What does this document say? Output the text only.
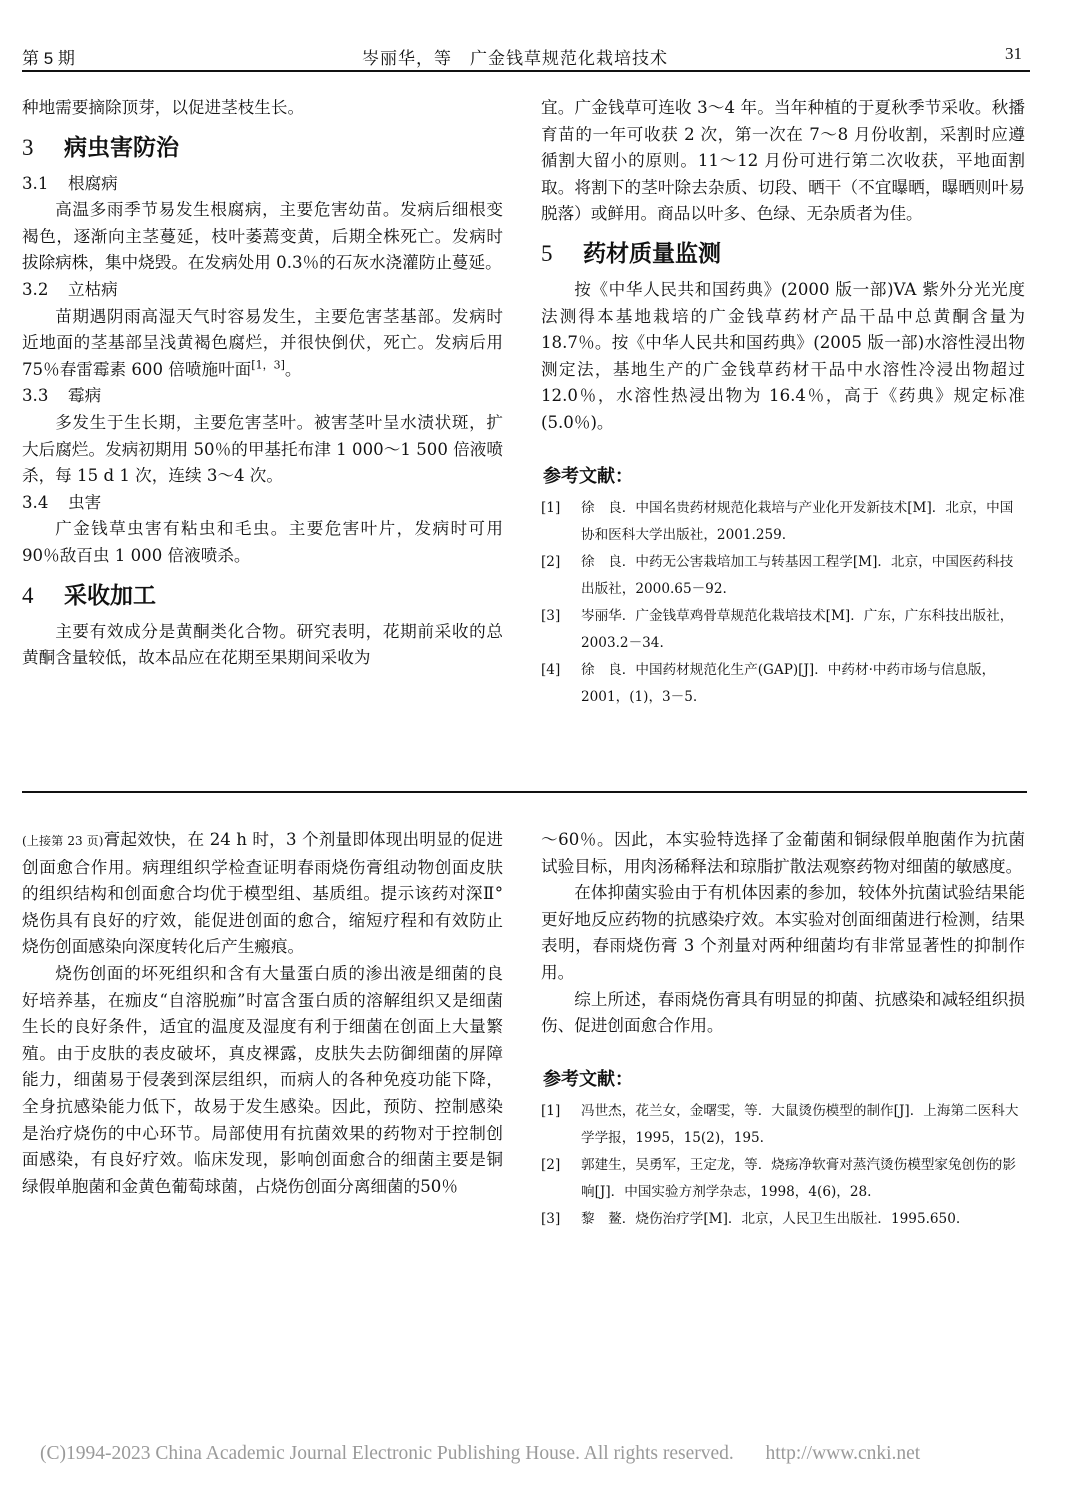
第 5 期	岑丽华，等　广金钱草规范化栽培技术	31

种地需要摘除顶芽，以促进茎枝生长。

3 病虫害防治
3.1 根腐病

高温多雨季节易发生根腐病，主要危害幼苗。发病后细根变褐色，逐渐向主茎蔓延，枝叶萎蔫变黄，后期全株死亡。发病时拔除病株，集中烧毁。在发病处用 0.3％的石灰水浇灌防止蔓延。

3.2 立枯病

苗期遇阴雨高湿天气时容易发生，主要危害茎基部。发病时近地面的茎基部呈浅黄褐色腐烂，并很快倒伏，死亡。发病后用 75％春雷霉素 600 倍喷施叶面[1，3]。

3.3 霉病

多发生于生长期，主要危害茎叶。被害茎叶呈水渍状斑，扩大后腐烂。发病初期用 50％的甲基托布津 1 000～1 500 倍液喷杀，每 15 d 1 次，连续 3～4 次。

3.4 虫害

广金钱草虫害有粘虫和毛虫。主要危害叶片，发病时可用 90％敌百虫 1 000 倍液喷杀。

4 采收加工

主要有效成分是黄酮类化合物。研究表明，花期前采收的总黄酮含量较低，故本品应在花期至果期间采收为

宜。广金钱草可连收 3～4 年。当年种植的于夏秋季节采收。秋播育苗的一年可收获 2 次，第一次在 7～8 月份收割，采割时应遵循割大留小的原则。11～12 月份可进行第二次收获，平地面割取。将割下的茎叶除去杂质、切段、晒干（不宜曝晒，曝晒则叶易脱落）或鲜用。商品以叶多、色绿、无杂质者为佳。

5 药材质量监测

按《中华人民共和国药典》(2000 版一部)VA 紫外分光光度法测得本基地栽培的广金钱草药材产品干品中总黄酮含量为 18.7％。按《中华人民共和国药典》(2005 版一部)水溶性浸出物测定法，基地生产的广金钱草药材干品中水溶性冷浸出物超过 12.0％，水溶性热浸出物为 16.4％，高于《药典》规定标准(5.0％)。

参考文献：
[1] 徐　良．中国名贵药材规范化栽培与产业化开发新技术[M]．北京，中国协和医科大学出版社，2001.259.
[2] 徐　良．中药无公害栽培加工与转基因工程学[M]．北京，中国医药科技出版社，2000.65－92.
[3] 岑丽华．广金钱草鸡骨草规范化栽培技术[M]．广东，广东科技出版社，2003.2－34.
[4] 徐　良．中国药材规范化生产(GAP)[J]．中药材·中药市场与信息版，2001，(1)，3－5.

(上接第 23 页)膏起效快，在 24 h 时，3 个剂量即体现出明显的促进创面愈合作用。病理组织学检查证明春雨烧伤膏组动物创面皮肤的组织结构和创面愈合均优于模型组、基质组。提示该药对深Ⅱ°烧伤具有良好的疗效，能促进创面的愈合，缩短疗程和有效防止烧伤创面感染向深度转化后产生瘢痕。

烧伤创面的坏死组织和含有大量蛋白质的渗出液是细菌的良好培养基，在痂皮“自溶脱痂”时富含蛋白质的溶解组织又是细菌生长的良好条件，适宜的温度及湿度有利于细菌在创面上大量繁殖。由于皮肤的表皮破坏，真皮裸露，皮肤失去防御细菌的屏障能力，细菌易于侵袭到深层组织，而病人的各种免疫功能下降，全身抗感染能力低下，故易于发生感染。因此，预防、控制感染是治疗烧伤的中心环节。局部使用有抗菌效果的药物对于控制创面感染，有良好疗效。临床发现，影响创面愈合的细菌主要是铜绿假单胞菌和金黄色葡萄球菌，占烧伤创面分离细菌的50％

～60％。因此，本实验特选择了金葡菌和铜绿假单胞菌作为抗菌试验目标，用肉汤稀释法和琼脂扩散法观察药物对细菌的敏感度。

在体抑菌实验由于有机体因素的参加，较体外抗菌试验结果能更好地反应药物的抗感染疗效。本实验对创面细菌进行检测，结果表明，春雨烧伤膏 3 个剂量对两种细菌均有非常显著性的抑制作用。

综上所述，春雨烧伤膏具有明显的抑菌、抗感染和减轻组织损伤、促进创面愈合作用。

参考文献：
[1] 冯世杰，花兰女，金曙雯，等．大鼠烫伤模型的制作[J]．上海第二医科大学学报，1995，15(2)，195.
[2] 郭建生，吴勇军，王定龙，等．烧疡净软膏对蒸汽烫伤模型家兔创伤的影响[J]．中国实验方剂学杂志，1998，4(6)，28.
[3] 黎　鳌．烧伤治疗学[M]．北京，人民卫生出版社．1995.650.
(C)1994-2023 China Academic Journal Electronic Publishing House. All rights reserved. http://www.cnki.net
